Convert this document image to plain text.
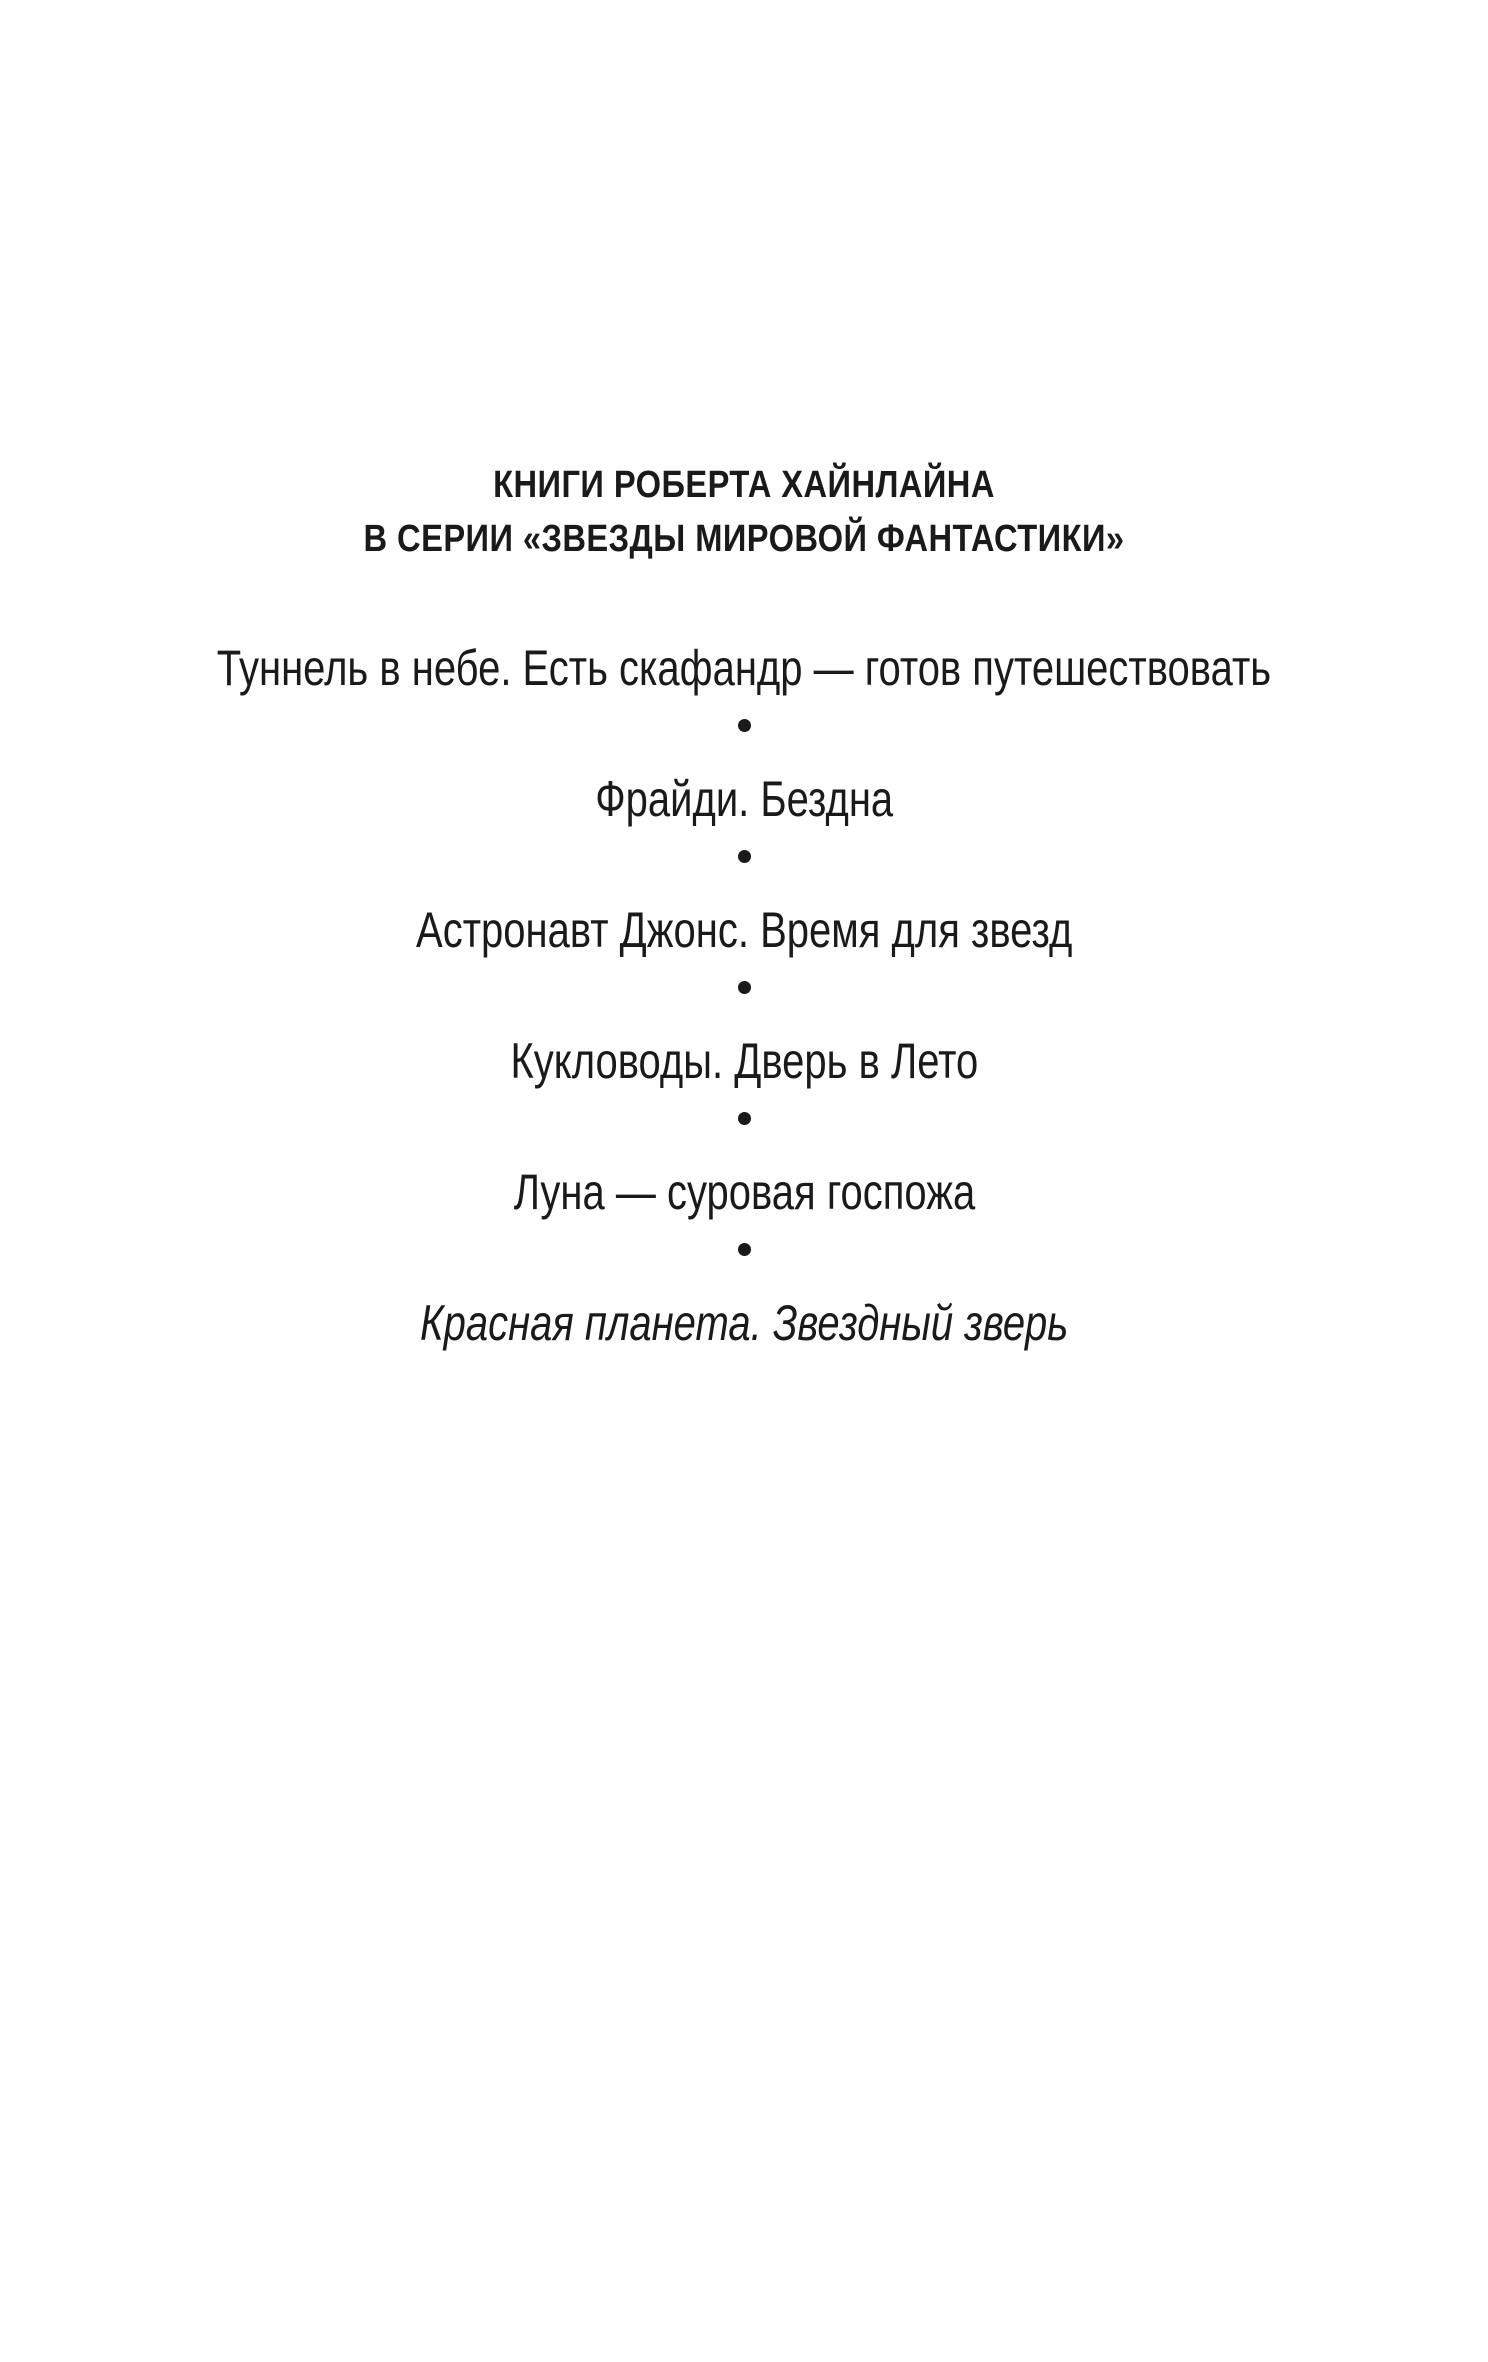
КНИГИ РОБЕРТА ХАЙНЛАЙНА
В СЕРИИ «ЗВЕЗДЫ МИРОВОЙ ФАНТАСТИКИ»
Туннель в небе. Есть скафандр — готов путешествовать
Фрайди. Бездна
Астронавт Джонс. Время для звезд
Кукловоды. Дверь в Лето
Луна — суровая госпожа
Красная планета. Звездный зверь
